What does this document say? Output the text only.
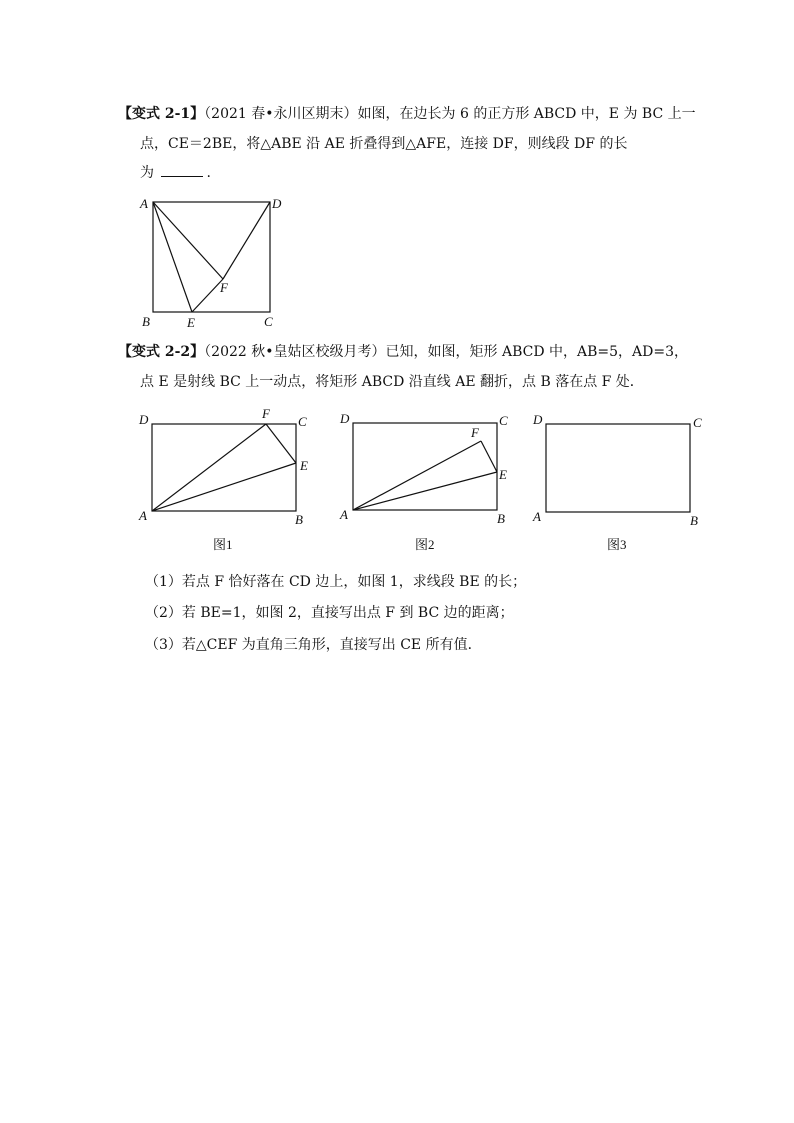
【变式 2-1】（2021 春•永川区期末）如图，在边长为 6 的正方形 ABCD 中，E 为 BC 上一
点，CE＝2BE，将△ABE 沿 AE 折叠得到△AFE，连接 DF，则线段 DF 的长
为	.
A	D
F
B	E	C
【变式 2-2】（2022 秋•皇姑区校级月考）已知，如图，矩形 ABCD 中，AB=5，AD=3，
点 E 是射线 BC 上一动点，将矩形 ABCD 沿直线 AE 翻折，点 B 落在点 F 处．
D	F
C
E
A	B
图1
D	C
F
E
A	B
图2
D	C
A	B
图3
（1）若点 F 恰好落在 CD 边上，如图 1，求线段 BE 的长；
（2）若 BE=1，如图 2，直接写出点 F 到 BC 边的距离；
（3）若△CEF 为直角三角形，直接写出 CE 所有值．
